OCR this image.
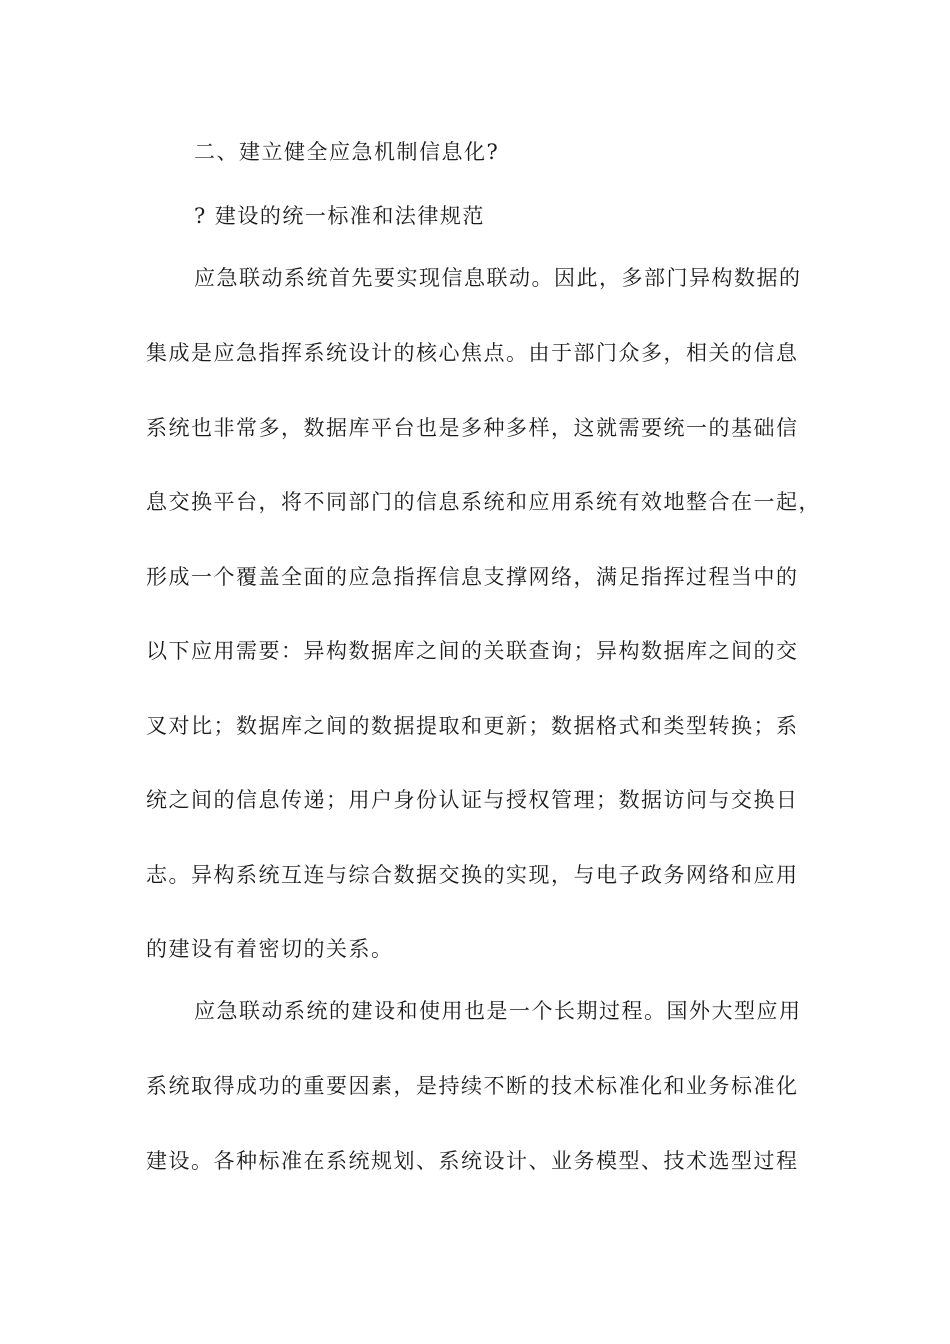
二、建立健全应急机制信息化?
? 建设的统一标准和法律规范
应急联动系统首先要实现信息联动。因此，多部门异构数据的
集成是应急指挥系统设计的核心焦点。由于部门众多，相关的信息
系统也非常多，数据库平台也是多种多样，这就需要统一的基础信
息交换平台，将不同部门的信息系统和应用系统有效地整合在一起，
形成一个覆盖全面的应急指挥信息支撑网络，满足指挥过程当中的
以下应用需要：异构数据库之间的关联查询；异构数据库之间的交
叉对比；数据库之间的数据提取和更新；数据格式和类型转换；系
统之间的信息传递；用户身份认证与授权管理；数据访问与交换日
志。异构系统互连与综合数据交换的实现，与电子政务网络和应用
的建设有着密切的关系。
应急联动系统的建设和使用也是一个长期过程。国外大型应用
系统取得成功的重要因素，是持续不断的技术标准化和业务标准化
建设。各种标准在系统规划、系统设计、业务模型、技术选型过程
